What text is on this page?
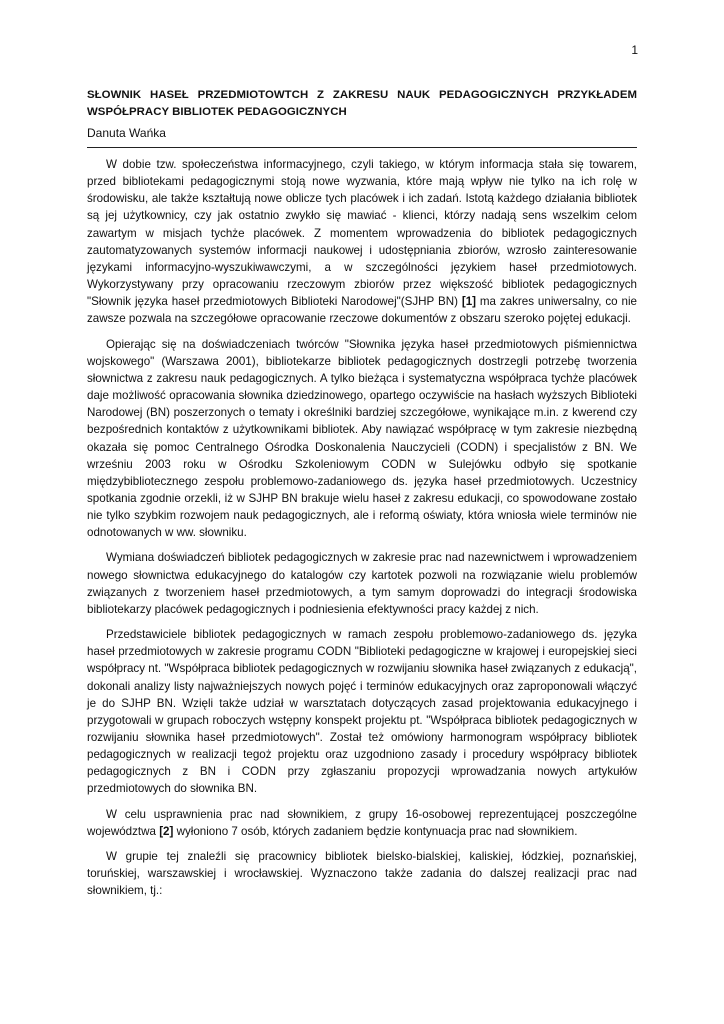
1
SŁOWNIK HASEŁ PRZEDMIOTOWTCH Z ZAKRESU NAUK PEDAGOGICZNYCH PRZYKŁADEM WSPÓŁPRACY BIBLIOTEK PEDAGOGICZNYCH
Danuta Wańka

W dobie tzw. społeczeństwa informacyjnego, czyli takiego, w którym informacja stała się towarem, przed bibliotekami pedagogicznymi stoją nowe wyzwania, które mają wpływ nie tylko na ich rolę w środowisku, ale także kształtują nowe oblicze tych placówek i ich zadań. Istotą każdego działania bibliotek są jej użytkownicy, czy jak ostatnio zwykło się mawiać - klienci, którzy nadają sens wszelkim celom zawartym w misjach tychże placówek. Z momentem wprowadzenia do bibliotek pedagogicznych zautomatyzowanych systemów informacji naukowej i udostępniania zbiorów, wzrosło zainteresowanie językami informacyjno-wyszukiwawczymi, a w szczególności językiem haseł przedmiotowych. Wykorzystywany przy opracowaniu rzeczowym zbiorów przez większość bibliotek pedagogicznych "Słownik języka haseł przedmiotowych Biblioteki Narodowej"(SJHP BN) [1] ma zakres uniwersalny, co nie zawsze pozwala na szczegółowe opracowanie rzeczowe dokumentów z obszaru szeroko pojętej edukacji.

Opierając się na doświadczeniach twórców "Słownika języka haseł przedmiotowych piśmiennictwa wojskowego" (Warszawa 2001), bibliotekarze bibliotek pedagogicznych dostrzegli potrzebę tworzenia słownictwa z zakresu nauk pedagogicznych. A tylko bieżąca i systematyczna współpraca tychże placówek daje możliwość opracowania słownika dziedzinowego, opartego oczywiście na hasłach wyższych Biblioteki Narodowej (BN) poszerzonych o tematy i określniki bardziej szczegółowe, wynikające m.in. z kwerend czy bezpośrednich kontaktów z użytkownikami bibliotek. Aby nawiązać współpracę w tym zakresie niezbędną okazała się pomoc Centralnego Ośrodka Doskonalenia Nauczycieli (CODN) i specjalistów z BN. We wrześniu 2003 roku w Ośrodku Szkoleniowym CODN w Sulejówku odbyło się spotkanie międzybibliotecznego zespołu problemowo-zadaniowego ds. języka haseł przedmiotowych. Uczestnicy spotkania zgodnie orzekli, iż w SJHP BN brakuje wielu haseł z zakresu edukacji, co spowodowane zostało nie tylko szybkim rozwojem nauk pedagogicznych, ale i reformą oświaty, która wniosła wiele terminów nie odnotowanych w ww. słowniku.

Wymiana doświadczeń bibliotek pedagogicznych w zakresie prac nad nazewnictwem i wprowadzeniem nowego słownictwa edukacyjnego do katalogów czy kartotek pozwoli na rozwiązanie wielu problemów związanych z tworzeniem haseł przedmiotowych, a tym samym doprowadzi do integracji środowiska bibliotekarzy placówek pedagogicznych i podniesienia efektywności pracy każdej z nich.

Przedstawiciele bibliotek pedagogicznych w ramach zespołu problemowo-zadaniowego ds. języka haseł przedmiotowych w zakresie programu CODN "Biblioteki pedagogiczne w krajowej i europejskiej sieci współpracy nt. "Współpraca bibliotek pedagogicznych w rozwijaniu słownika haseł związanych z edukacją", dokonali analizy listy najważniejszych nowych pojęć i terminów edukacyjnych oraz zaproponowali włączyć je do SJHP BN. Wzięli także udział w warsztatach dotyczących zasad projektowania edukacyjnego i przygotowali w grupach roboczych wstępny konspekt projektu pt. "Współpraca bibliotek pedagogicznych w rozwijaniu słownika haseł przedmiotowych". Został też omówiony harmonogram współpracy bibliotek pedagogicznych w realizacji tegoż projektu oraz uzgodniono zasady i procedury współpracy bibliotek pedagogicznych z BN i CODN przy zgłaszaniu propozycji wprowadzania nowych artykułów przedmiotowych do słownika BN.

W celu usprawnienia prac nad słownikiem, z grupy 16-osobowej reprezentującej poszczególne województwa [2] wyłoniono 7 osób, których zadaniem będzie kontynuacja prac nad słownikiem.

W grupie tej znaleźli się pracownicy bibliotek bielsko-bialskiej, kaliskiej, łódzkiej, poznańskiej, toruńskiej, warszawskiej i wrocławskiej. Wyznaczono także zadania do dalszej realizacji prac nad słownikiem, tj.:
